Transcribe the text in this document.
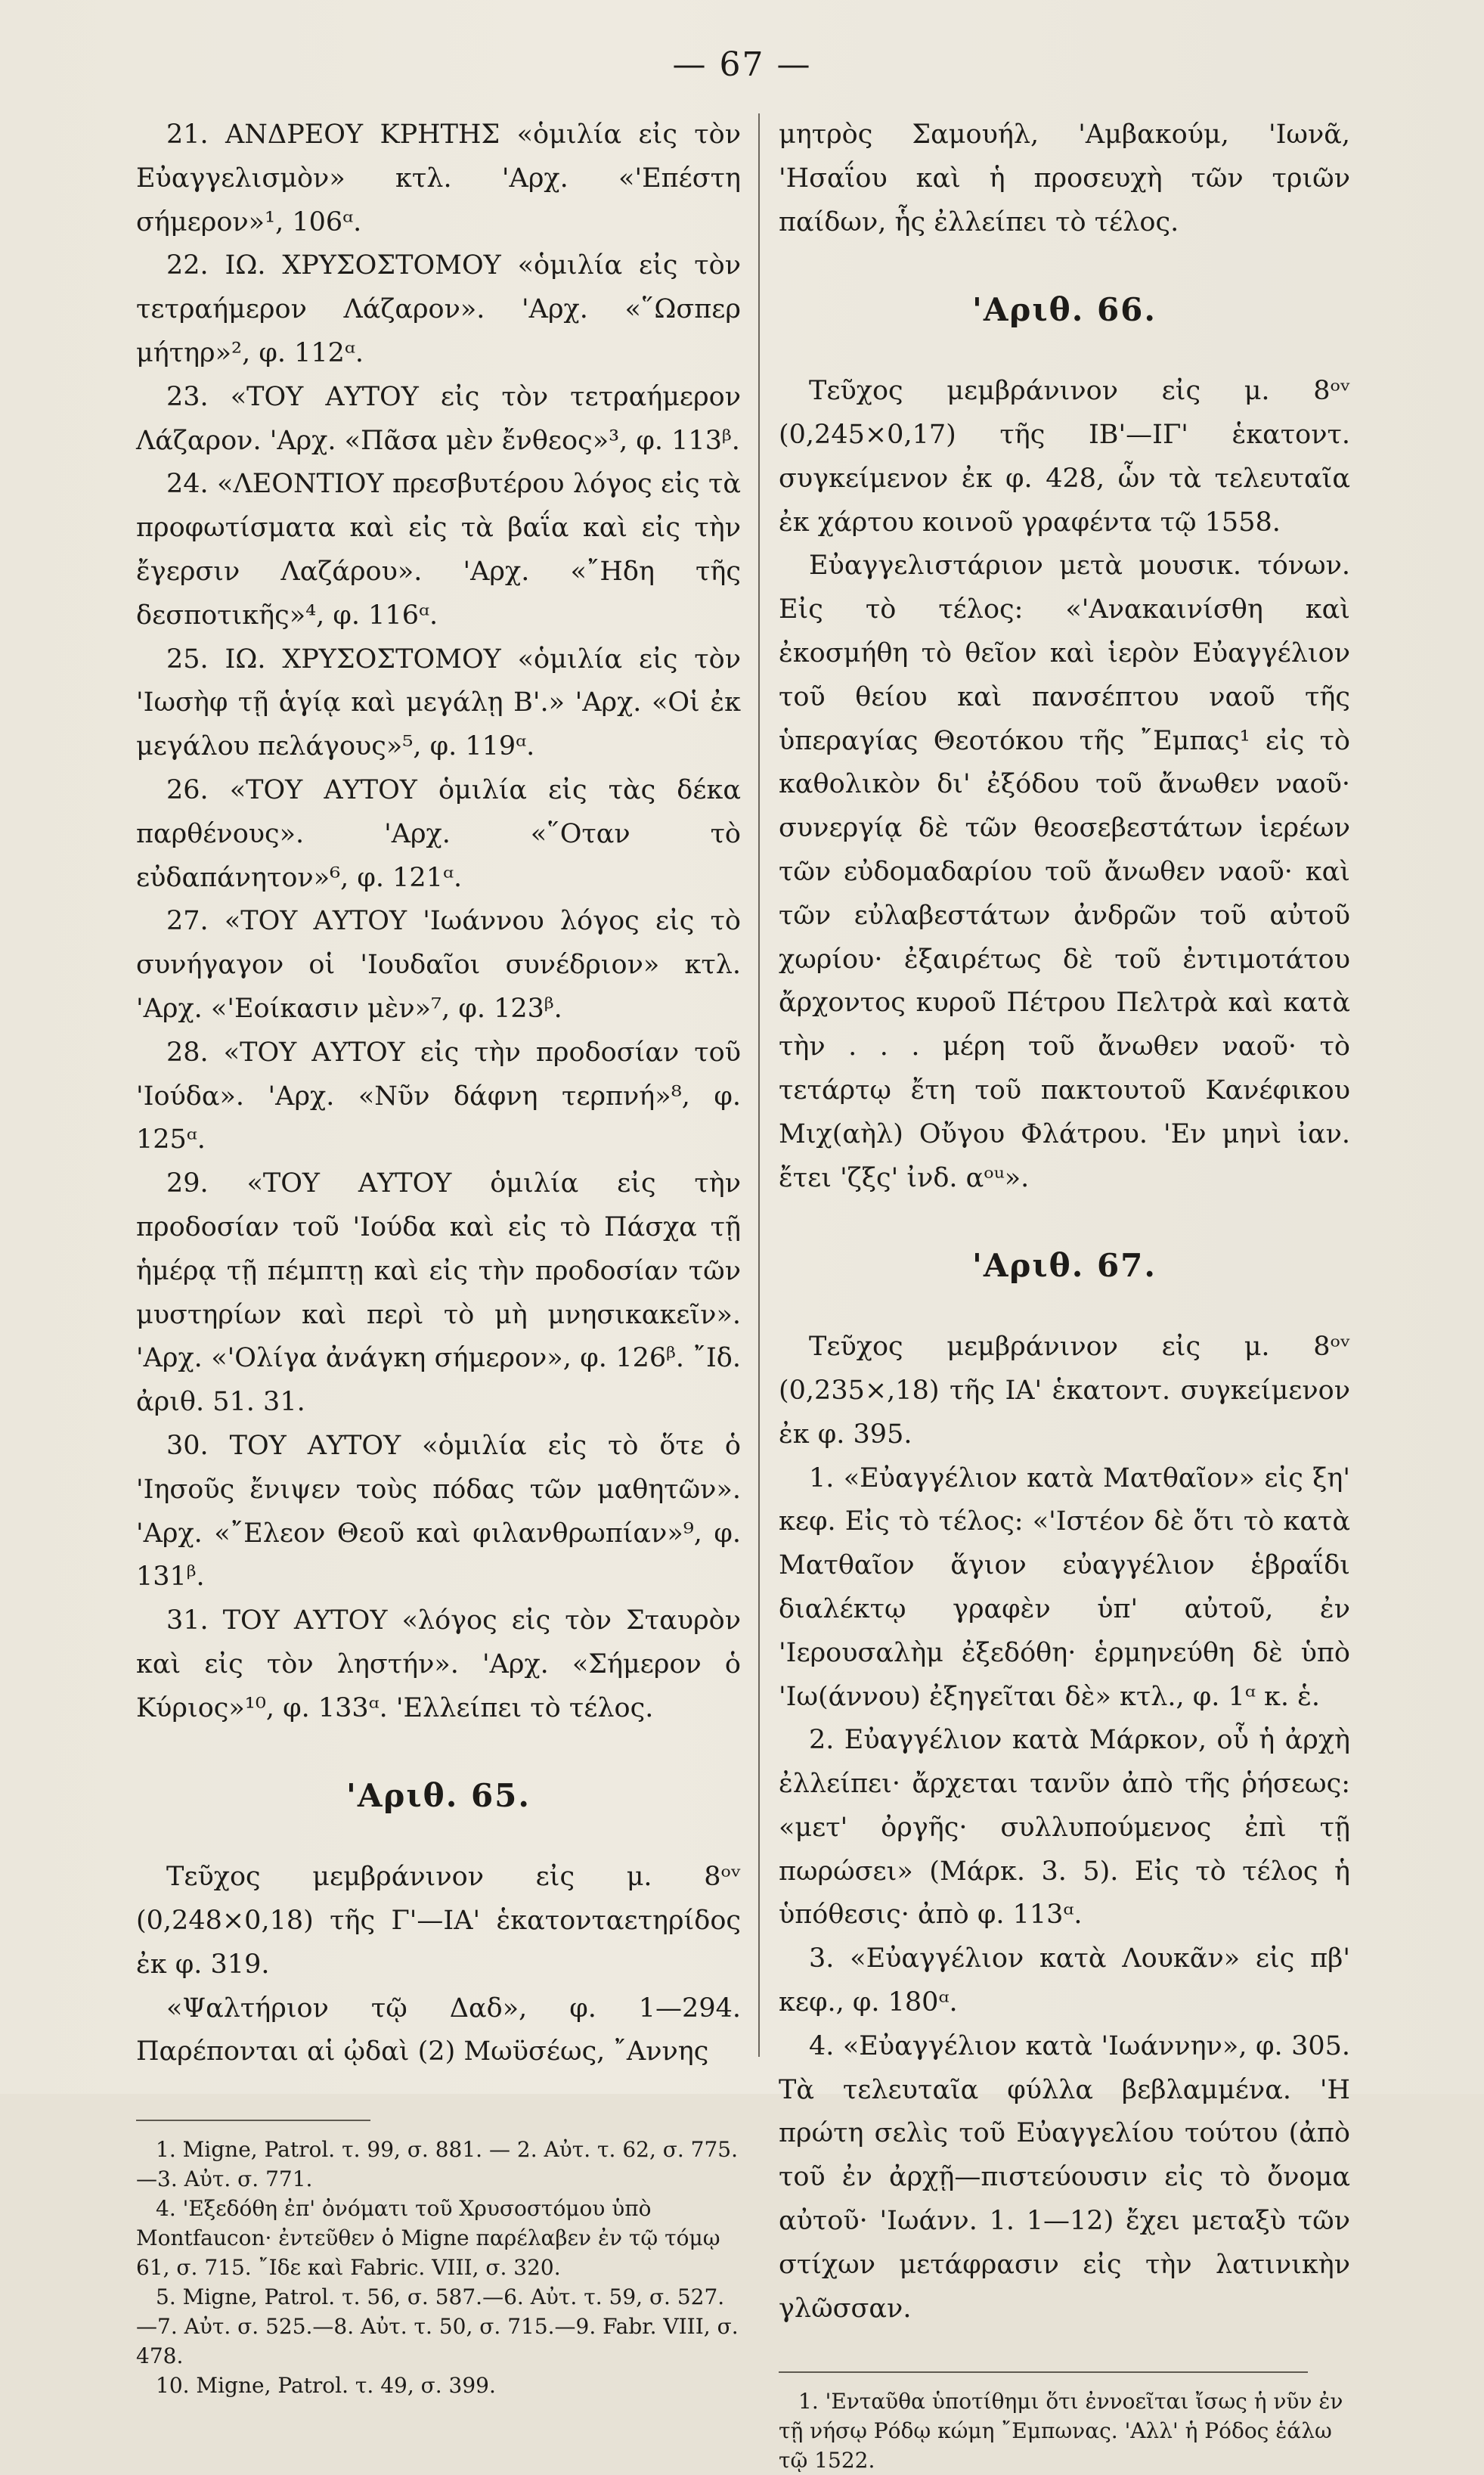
— 67 —

21. ΑΝΔΡΕΟΥ ΚΡΗΤΗΣ «ὁμιλία εἰς τὸν Εὐαγγελισμὸν» κτλ. 'Αρχ. «'Επέστη σήμερον»¹, 106ᵅ.

22. ΙΩ. ΧΡΥΣΟΣΤΟΜΟΥ «ὁμιλία εἰς τὸν τετραήμερον Λάζαρον». 'Αρχ. «῞Ωσπερ μήτηρ»², φ. 112ᵅ.

23. «ΤΟΥ ΑΥΤΟΥ εἰς τὸν τετραήμερον Λάζαρον. 'Αρχ. «Πᾶσα μὲν ἔνθεος»³, φ. 113ᵝ.

24. «ΛΕΟΝΤΙΟΥ πρεσβυτέρου λόγος εἰς τὰ προφωτίσματα καὶ εἰς τὰ βαΐα καὶ εἰς τὴν ἔγερσιν Λαζάρου». 'Αρχ. «῎Ηδη τῆς δεσποτικῆς»⁴, φ. 116ᵅ.

25. ΙΩ. ΧΡΥΣΟΣΤΟΜΟΥ «ὁμιλία εἰς τὸν 'Ιωσὴφ τῇ ἁγίᾳ καὶ μεγάλῃ Β'.» 'Αρχ. «Οἱ ἐκ μεγάλου πελάγους»⁵, φ. 119ᵅ.

26. «ΤΟΥ ΑΥΤΟΥ ὁμιλία εἰς τὰς δέκα παρθένους». 'Αρχ. «῞Οταν τὸ εὐδαπάνητον»⁶, φ. 121ᵅ.

27. «ΤΟΥ ΑΥΤΟΥ 'Ιωάννου λόγος εἰς τὸ συνήγαγον οἱ 'Ιουδαῖοι συνέδριον» κτλ. 'Αρχ. «'Εοίκασιν μὲν»⁷, φ. 123ᵝ.

28. «ΤΟΥ ΑΥΤΟΥ εἰς τὴν προδοσίαν τοῦ 'Ιούδα». 'Αρχ. «Νῦν δάφνη τερπνή»⁸, φ. 125ᵅ.

29. «ΤΟΥ ΑΥΤΟΥ ὁμιλία εἰς τὴν προδοσίαν τοῦ 'Ιούδα καὶ εἰς τὸ Πάσχα τῇ ἡμέρᾳ τῇ πέμπτῃ καὶ εἰς τὴν προδοσίαν τῶν μυστηρίων καὶ περὶ τὸ μὴ μνησικακεῖν». 'Αρχ. «'Ολίγα ἀνάγκη σήμερον», φ. 126ᵝ. ῎Ιδ. ἀριθ. 51. 31.

30. ΤΟΥ ΑΥΤΟΥ «ὁμιλία εἰς τὸ ὅτε ὁ 'Ιησοῦς ἔνιψεν τοὺς πόδας τῶν μαθητῶν». 'Αρχ. «῎Ελεον Θεοῦ καὶ φιλανθρωπίαν»⁹, φ. 131ᵝ.

31. ΤΟΥ ΑΥΤΟΥ «λόγος εἰς τὸν Σταυρὸν καὶ εἰς τὸν ληστήν». 'Αρχ. «Σήμερον ὁ Κύριος»¹⁰, φ. 133ᵅ. 'Ελλείπει τὸ τέλος.

'Αριθ. 65.

Τεῦχος μεμβράνινον εἰς μ. 8ᵒᵛ (0,248×0,18) τῆς Γ'—ΙΑ' ἑκατονταετηρίδος ἐκ φ. 319.

«Ψαλτήριον τῷ Δαδ», φ. 1—294. Παρέπονται αἱ ᾠδαὶ (2) Μωϋσέως, ῎Αννης

1. Migne, Patrol. τ. 99, σ. 881. — 2. Αὐτ. τ. 62, σ. 775.—3. Αὐτ. σ. 771.

4. 'Εξεδόθη ἐπ' ὀνόματι τοῦ Χρυσοστόμου ὑπὸ Montfaucon· ἐντεῦθεν ὁ Migne παρέλαβεν ἐν τῷ τόμῳ 61, σ. 715. ῎Ιδε καὶ Fabric. VIII, σ. 320.

5. Migne, Patrol. τ. 56, σ. 587.—6. Αὐτ. τ. 59, σ. 527.—7. Αὐτ. σ. 525.—8. Αὐτ. τ. 50, σ. 715.—9. Fabr. VIII, σ. 478.

10. Migne, Patrol. τ. 49, σ. 399.

μητρὸς Σαμουήλ, 'Αμβακούμ, 'Ιωνᾶ, 'Ησαΐου καὶ ἡ προσευχὴ τῶν τριῶν παίδων, ἧς ἐλλείπει τὸ τέλος.

'Αριθ. 66.

Τεῦχος μεμβράνινον εἰς μ. 8ᵒᵛ (0,245×0,17) τῆς ΙΒ'—ΙΓ' ἑκατοντ. συγκείμενον ἐκ φ. 428, ὧν τὰ τελευταῖα ἐκ χάρτου κοινοῦ γραφέντα τῷ 1558.

Εὐαγγελιστάριον μετὰ μουσικ. τόνων. Εἰς τὸ τέλος: «'Ανακαινίσθη καὶ ἐκοσμήθη τὸ θεῖον καὶ ἱερὸν Εὐαγγέλιον τοῦ θείου καὶ πανσέπτου ναοῦ τῆς ὑπεραγίας Θεοτόκου τῆς ῎Εμπας¹ εἰς τὸ καθολικὸν δι' ἐξόδου τοῦ ἄνωθεν ναοῦ· συνεργίᾳ δὲ τῶν θεοσεβεστάτων ἱερέων τῶν εὐδομαδαρίου τοῦ ἄνωθεν ναοῦ· καὶ τῶν εὐλαβεστάτων ἀνδρῶν τοῦ αὐτοῦ χωρίου· ἐξαιρέτως δὲ τοῦ ἐντιμοτάτου ἄρχοντος κυροῦ Πέτρου Πελτρὰ καὶ κατὰ τὴν . . . μέρη τοῦ ἄνωθεν ναοῦ· τὸ τετάρτῳ ἔτη τοῦ πακτουτοῦ Κανέφικου Μιχ(αὴλ) Οὔγου Φλάτρου. 'Εν μηνὶ ἰαν. ἔτει 'ζξς' ἰνδ. αᵒᵘ».

'Αριθ. 67.

Τεῦχος μεμβράνινον εἰς μ. 8ᵒᵛ (0,235×,18) τῆς ΙΑ' ἑκατοντ. συγκείμενον ἐκ φ. 395.

1. «Εὐαγγέλιον κατὰ Ματθαῖον» εἰς ξη' κεφ. Εἰς τὸ τέλος: «'Ιστέον δὲ ὅτι τὸ κατὰ Ματθαῖον ἅγιον εὐαγγέλιον ἑβραΐδι διαλέκτῳ γραφὲν ὑπ' αὐτοῦ, ἐν 'Ιερουσαλὴμ ἐξεδόθη· ἑρμηνεύθη δὲ ὑπὸ 'Ιω(άννου) ἐξηγεῖται δὲ» κτλ., φ. 1ᵅ κ. ἑ.

2. Εὐαγγέλιον κατὰ Μάρκον, οὗ ἡ ἀρχὴ ἐλλείπει· ἄρχεται τανῦν ἀπὸ τῆς ῥήσεως: «μετ' ὀργῆς· συλλυπούμενος ἐπὶ τῇ πωρώσει» (Μάρκ. 3. 5). Εἰς τὸ τέλος ἡ ὑπόθεσις· ἀπὸ φ. 113ᵅ.

3. «Εὐαγγέλιον κατὰ Λουκᾶν» εἰς πβ' κεφ., φ. 180ᵅ.

4. «Εὐαγγέλιον κατὰ 'Ιωάννην», φ. 305. Τὰ τελευταῖα φύλλα βεβλαμμένα. 'Η πρώτη σελὶς τοῦ Εὐαγγελίου τούτου (ἀπὸ τοῦ ἐν ἀρχῇ—πιστεύουσιν εἰς τὸ ὄνομα αὐτοῦ· 'Ιωάνν. 1. 1—12) ἔχει μεταξὺ τῶν στίχων μετάφρασιν εἰς τὴν λατινικὴν γλῶσσαν.

1. 'Ενταῦθα ὑποτίθημι ὅτι ἐννοεῖται ἴσως ἡ νῦν ἐν τῇ νήσῳ Ρόδῳ κώμη ῎Εμπωνας. 'Αλλ' ἡ Ρόδος ἑάλω τῷ 1522.
